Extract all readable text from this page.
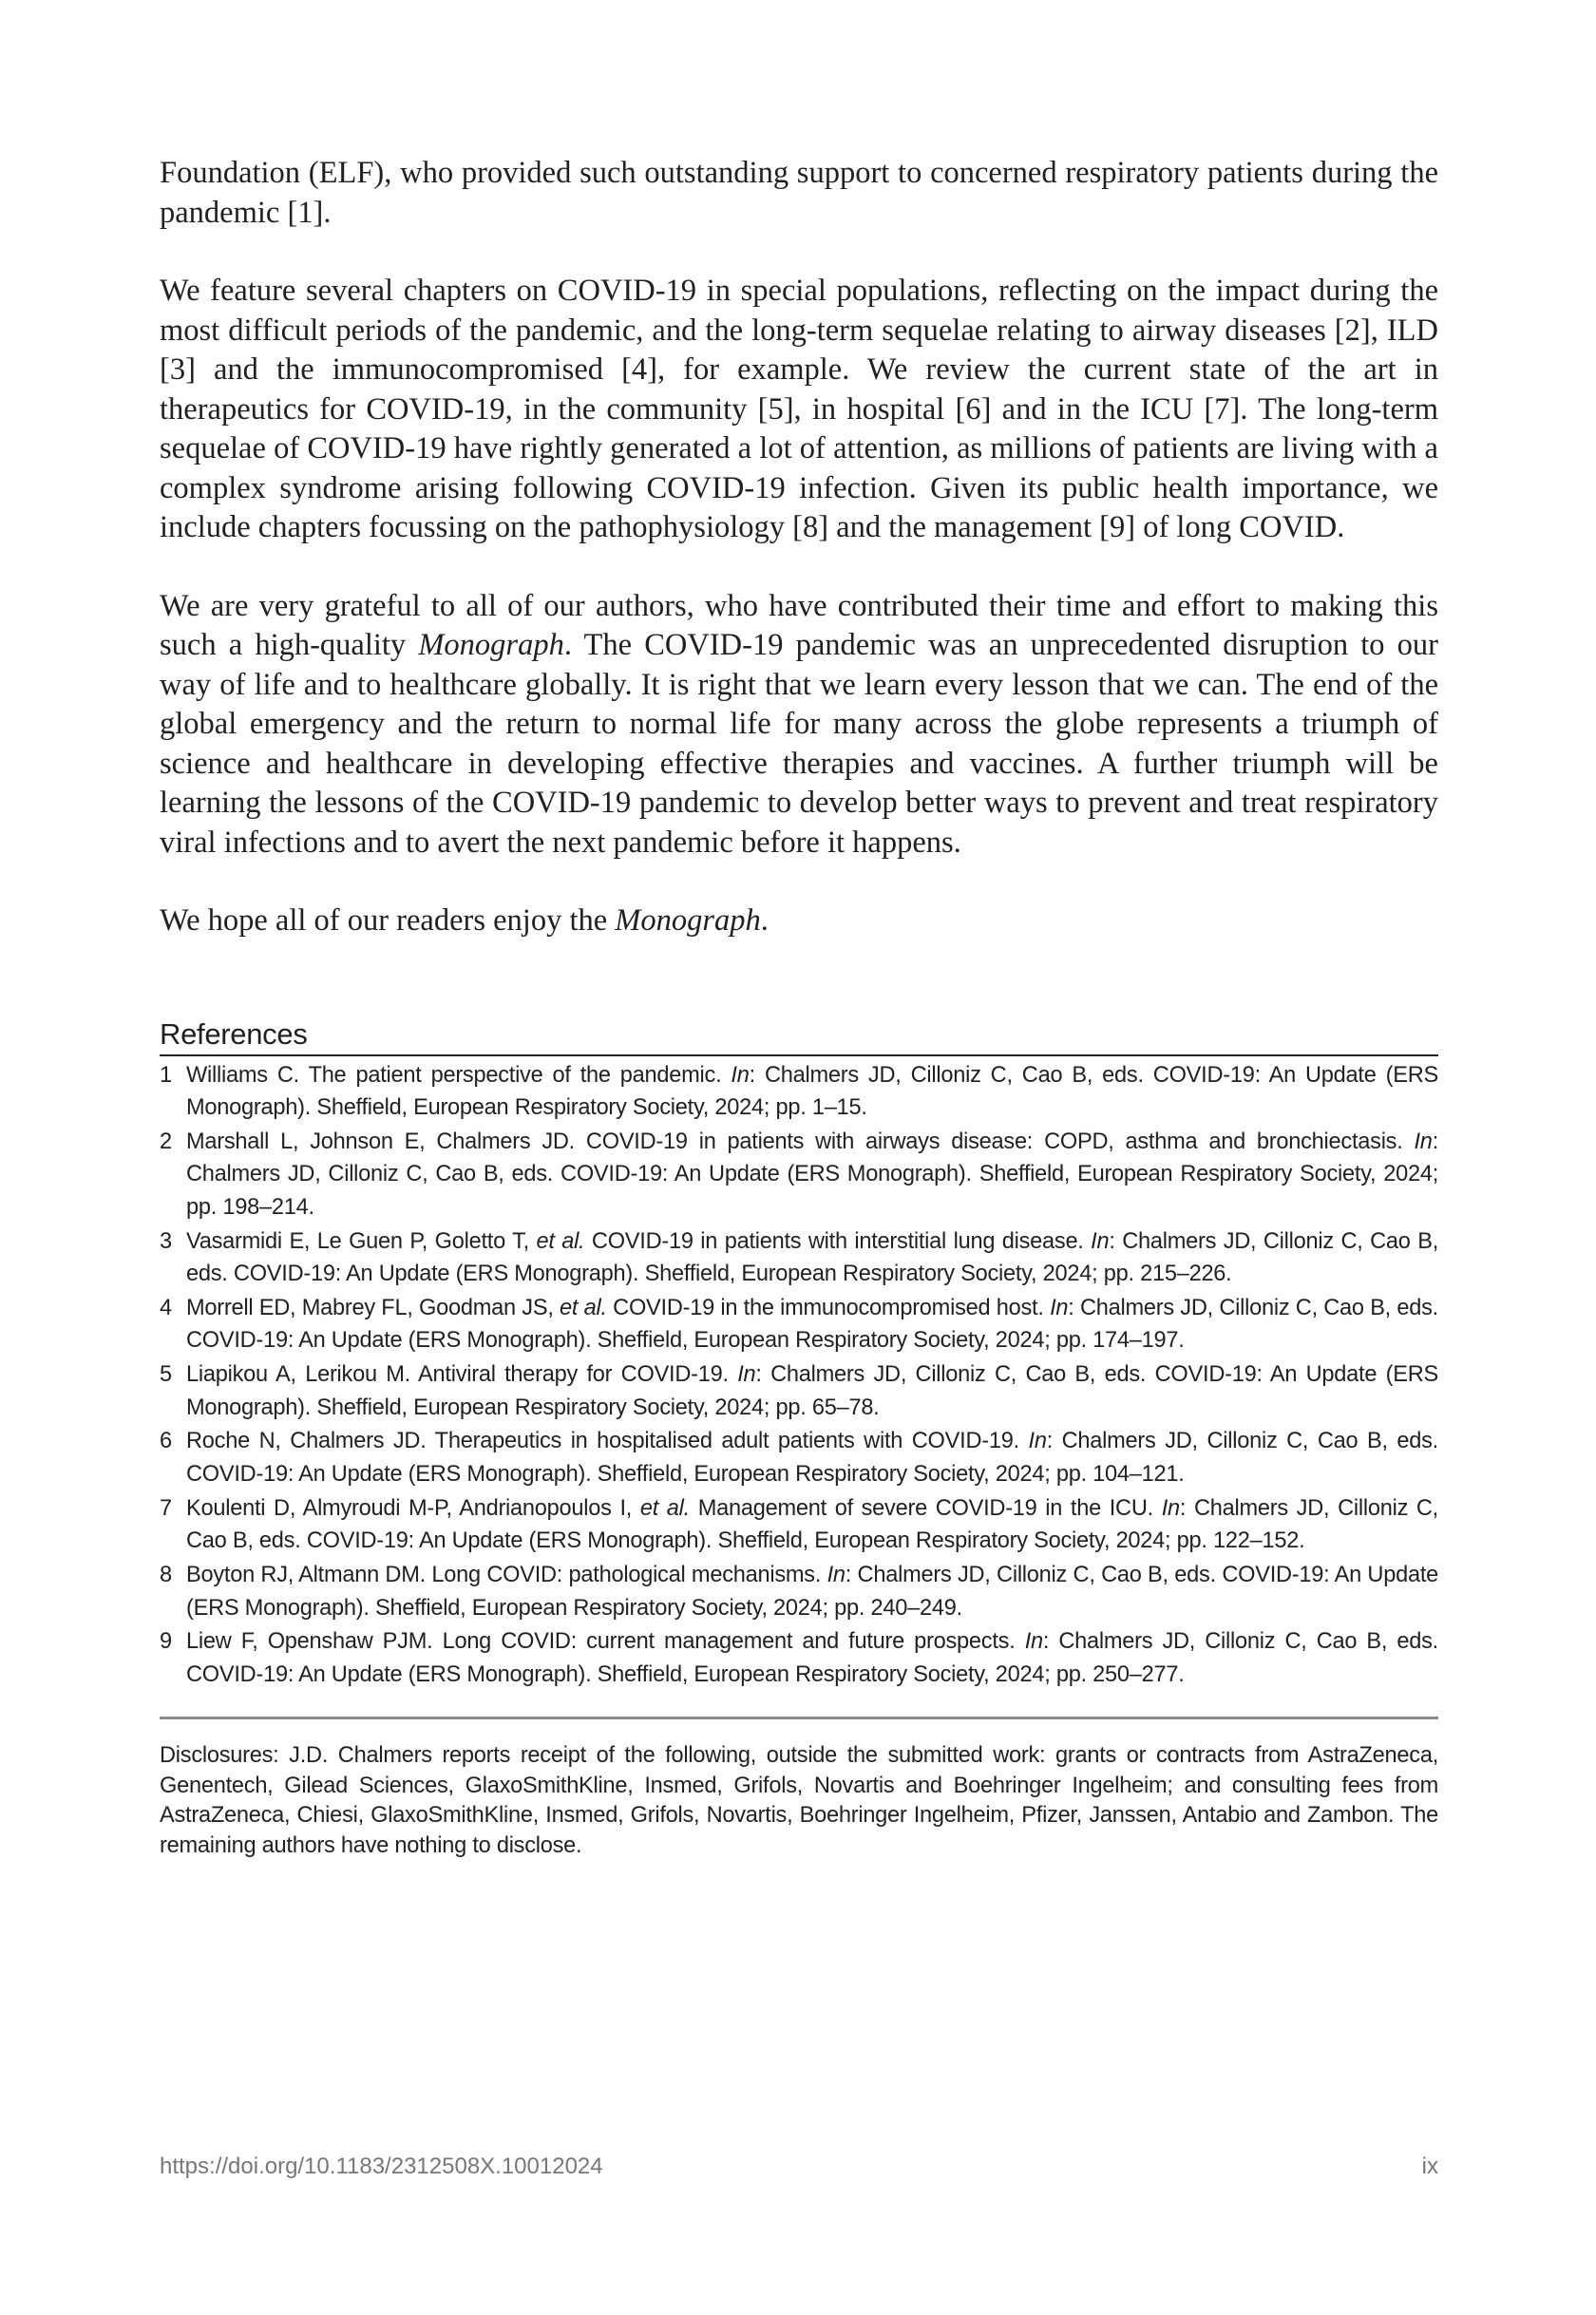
Foundation (ELF), who provided such outstanding support to concerned respiratory patients during the pandemic [1].

We feature several chapters on COVID-19 in special populations, reflecting on the impact during the most difficult periods of the pandemic, and the long-term sequelae relating to airway diseases [2], ILD [3] and the immunocompromised [4], for example. We review the current state of the art in therapeutics for COVID-19, in the community [5], in hospital [6] and in the ICU [7]. The long-term sequelae of COVID-19 have rightly generated a lot of attention, as millions of patients are living with a complex syndrome arising following COVID-19 infection. Given its public health importance, we include chapters focussing on the pathophysiology [8] and the management [9] of long COVID.

We are very grateful to all of our authors, who have contributed their time and effort to making this such a high-quality Monograph. The COVID-19 pandemic was an unprecedented disruption to our way of life and to healthcare globally. It is right that we learn every lesson that we can. The end of the global emergency and the return to normal life for many across the globe represents a triumph of science and healthcare in developing effective therapies and vaccines. A further triumph will be learning the lessons of the COVID-19 pandemic to develop better ways to prevent and treat respiratory viral infections and to avert the next pandemic before it happens.

We hope all of our readers enjoy the Monograph.

References
1 Williams C. The patient perspective of the pandemic. In: Chalmers JD, Cilloniz C, Cao B, eds. COVID-19: An Update (ERS Monograph). Sheffield, European Respiratory Society, 2024; pp. 1–15.
2 Marshall L, Johnson E, Chalmers JD. COVID-19 in patients with airways disease: COPD, asthma and bronchiectasis. In: Chalmers JD, Cilloniz C, Cao B, eds. COVID-19: An Update (ERS Monograph). Sheffield, European Respiratory Society, 2024; pp. 198–214.
3 Vasarmidi E, Le Guen P, Goletto T, et al. COVID-19 in patients with interstitial lung disease. In: Chalmers JD, Cilloniz C, Cao B, eds. COVID-19: An Update (ERS Monograph). Sheffield, European Respiratory Society, 2024; pp. 215–226.
4 Morrell ED, Mabrey FL, Goodman JS, et al. COVID-19 in the immunocompromised host. In: Chalmers JD, Cilloniz C, Cao B, eds. COVID-19: An Update (ERS Monograph). Sheffield, European Respiratory Society, 2024; pp. 174–197.
5 Liapikou A, Lerikou M. Antiviral therapy for COVID-19. In: Chalmers JD, Cilloniz C, Cao B, eds. COVID-19: An Update (ERS Monograph). Sheffield, European Respiratory Society, 2024; pp. 65–78.
6 Roche N, Chalmers JD. Therapeutics in hospitalised adult patients with COVID-19. In: Chalmers JD, Cilloniz C, Cao B, eds. COVID-19: An Update (ERS Monograph). Sheffield, European Respiratory Society, 2024; pp. 104–121.
7 Koulenti D, Almyroudi M-P, Andrianopoulos I, et al. Management of severe COVID-19 in the ICU. In: Chalmers JD, Cilloniz C, Cao B, eds. COVID-19: An Update (ERS Monograph). Sheffield, European Respiratory Society, 2024; pp. 122–152.
8 Boyton RJ, Altmann DM. Long COVID: pathological mechanisms. In: Chalmers JD, Cilloniz C, Cao B, eds. COVID-19: An Update (ERS Monograph). Sheffield, European Respiratory Society, 2024; pp. 240–249.
9 Liew F, Openshaw PJM. Long COVID: current management and future prospects. In: Chalmers JD, Cilloniz C, Cao B, eds. COVID-19: An Update (ERS Monograph). Sheffield, European Respiratory Society, 2024; pp. 250–277.

Disclosures: J.D. Chalmers reports receipt of the following, outside the submitted work: grants or contracts from AstraZeneca, Genentech, Gilead Sciences, GlaxoSmithKline, Insmed, Grifols, Novartis and Boehringer Ingelheim; and consulting fees from AstraZeneca, Chiesi, GlaxoSmithKline, Insmed, Grifols, Novartis, Boehringer Ingelheim, Pfizer, Janssen, Antabio and Zambon. The remaining authors have nothing to disclose.

https://doi.org/10.1183/2312508X.10012024	ix
